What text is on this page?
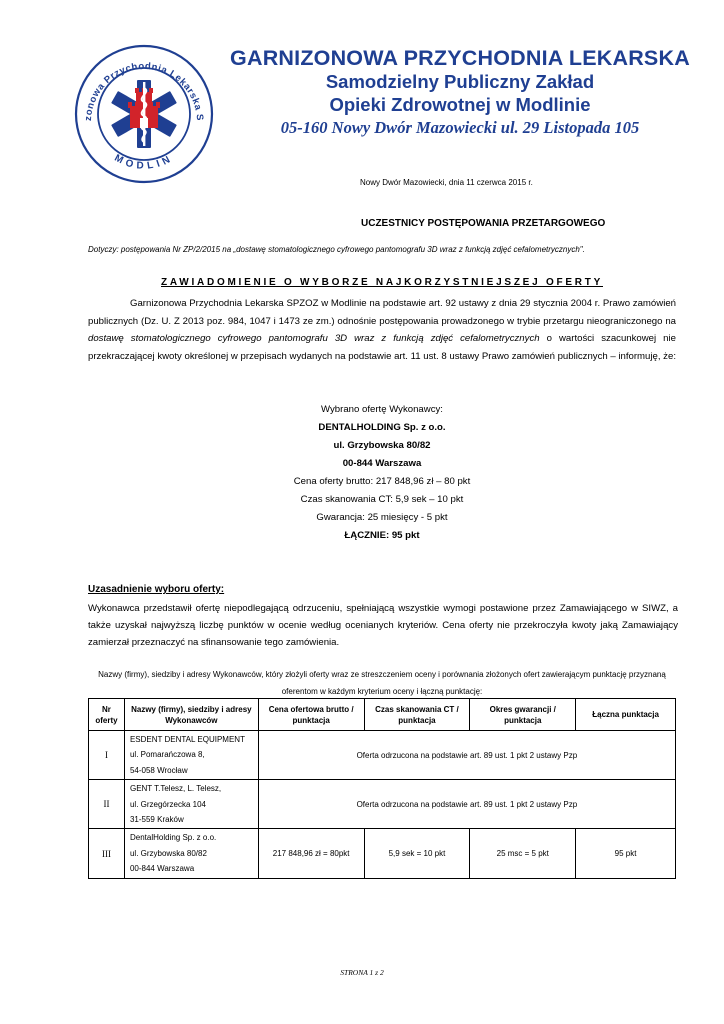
zonowa Przychodnia Lekarska S
MODLIN
GARNIZONOWA PRZYCHODNIA LEKARSKA
Samodzielny Publiczny Zakład
Opieki Zdrowotnej w Modlinie
05-160 Nowy Dwór Mazowiecki ul. 29 Listopada 105
Nowy Dwór Mazowiecki, dnia 11 czerwca 2015 r.
UCZESTNICY POSTĘPOWANIA PRZETARGOWEGO
Dotyczy: postępowania Nr ZP/2/2015 na „dostawę stomatologicznego cyfrowego pantomografu 3D wraz z funkcją zdjęć cefalometrycznych".
ZAWIADOMIENIE O WYBORZE NAJKORZYSTNIEJSZEJ OFERTY
Garnizonowa Przychodnia Lekarska SPZOZ w Modlinie na podstawie art. 92 ustawy z dnia 29 stycznia 2004 r. Prawo zamówień publicznych (Dz. U. Z 2013 poz. 984, 1047 i 1473 ze zm.) odnośnie postępowania prowadzonego w trybie przetargu nieograniczonego na dostawę stomatologicznego cyfrowego pantomografu 3D wraz z funkcją zdjęć cefalometrycznych o wartości szacunkowej nie przekraczającej kwoty określonej w przepisach wydanych na podstawie art. 11 ust. 8 ustawy Prawo zamówień publicznych – informuję, że:
Wybrano ofertę Wykonawcy:
DENTALHOLDING Sp. z o.o.
ul. Grzybowska 80/82
00-844 Warszawa
Cena oferty brutto: 217 848,96 zł – 80 pkt
Czas skanowania CT: 5,9 sek – 10 pkt
Gwarancja: 25 miesięcy - 5 pkt
ŁĄCZNIE: 95 pkt
Uzasadnienie wyboru oferty:
Wykonawca przedstawił ofertę niepodlegającą odrzuceniu, spełniającą wszystkie wymogi postawione przez Zamawiającego w SIWZ, a także uzyskał najwyższą liczbę punktów w ocenie według ocenianych kryteriów. Cena oferty nie przekroczyła kwoty jaką Zamawiający zamierzał przeznaczyć na sfinansowanie tego zamówienia.
Nazwy (firmy), siedziby i adresy Wykonawców, który złożyli oferty wraz ze streszczeniem oceny i porównania złożonych ofert zawierającym punktację przyznaną oferentom w każdym kryterium oceny i łączną punktację:
Nr oferty	Nazwy (firmy), siedziby i adresy Wykonawców	Cena ofertowa brutto / punktacja	Czas skanowania CT / punktacja	Okres gwarancji / punktacja	Łączna punktacja
I	ESDENT DENTAL EQUIPMENT
ul. Pomarańczowa 8,
54-058 Wrocław	Oferta odrzucona na podstawie art. 89 ust. 1 pkt 2 ustawy Pzp			
II	GENT T.Telesz, L. Telesz,
ul. Grzegórzecka 104
31-559 Kraków	Oferta odrzucona na podstawie art. 89 ust. 1 pkt 2 ustawy Pzp			
III	DentalHolding Sp. z o.o.
ul. Grzybowska 80/82
00-844 Warszawa	217 848,96 zł = 80pkt	5,9 sek = 10 pkt	25 msc = 5 pkt	95 pkt
STRONA 1 z 2
